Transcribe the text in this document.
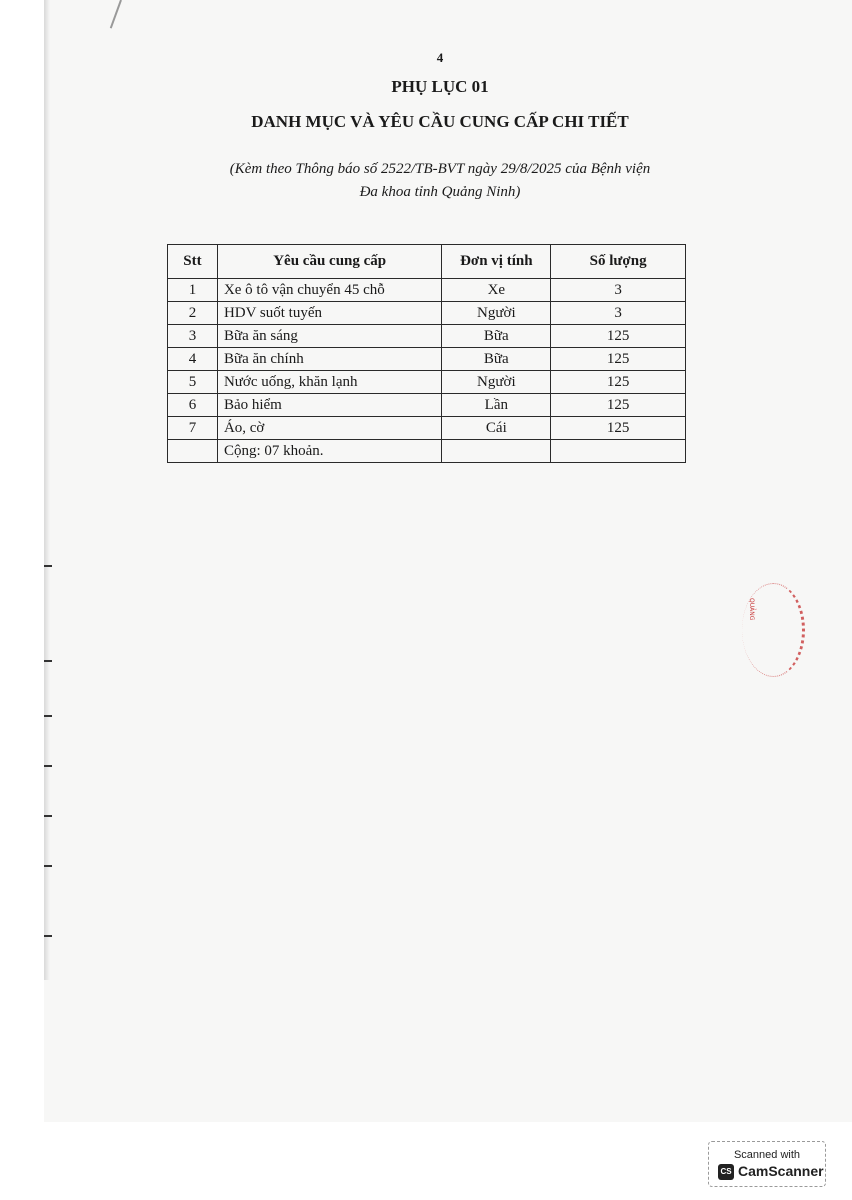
4
PHỤ LỤC 01
DANH MỤC VÀ YÊU CẦU CUNG CẤP CHI TIẾT
(Kèm theo Thông báo số 2522/TB-BVT ngày 29/8/2025 của Bệnh viện
Đa khoa tỉnh Quảng Ninh)
Stt	Yêu cầu cung cấp	Đơn vị tính	Số lượng
1	Xe ô tô vận chuyển 45 chỗ	Xe	3
2	HDV suốt tuyến	Người	3
3	Bữa ăn sáng	Bữa	125
4	Bữa ăn chính	Bữa	125
5	Nước uống, khăn lạnh	Người	125
6	Bảo hiểm	Lần	125
7	Áo, cờ	Cái	125
	Cộng: 07 khoản.		
QUẢNG
Scanned with
CS CamScanner
